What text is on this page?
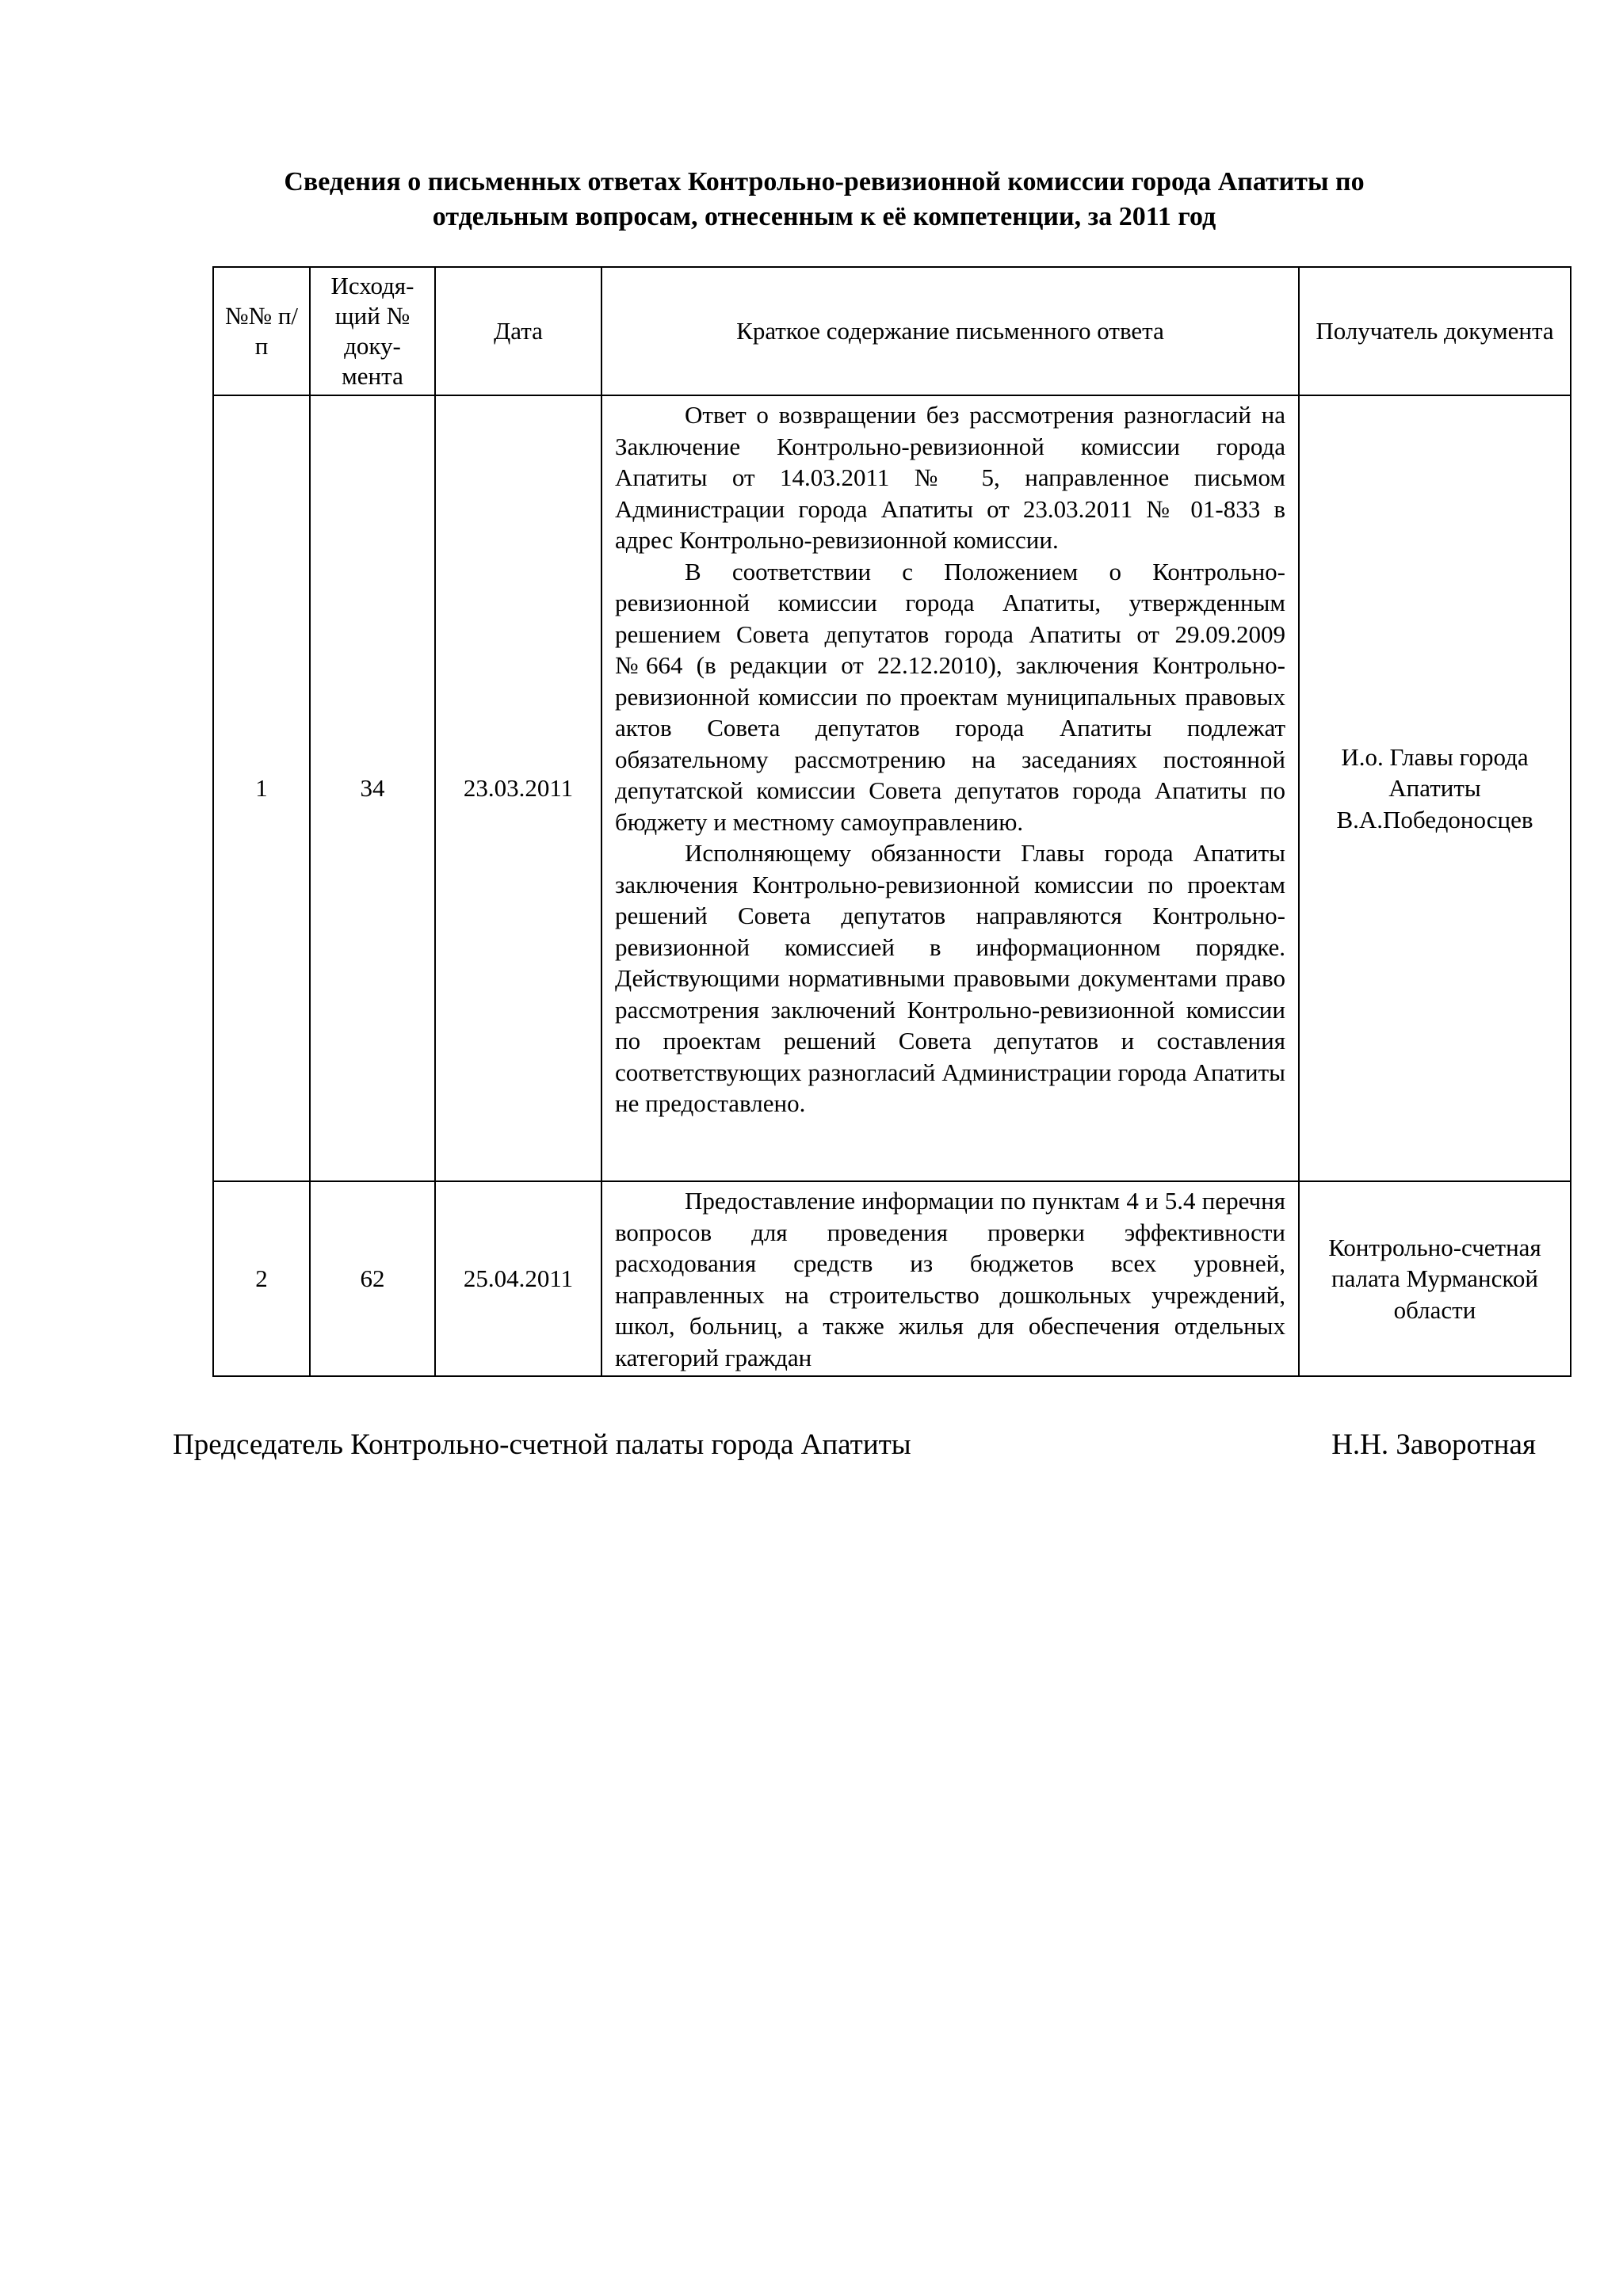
Сведения о письменных ответах Контрольно-ревизионной комиссии города Апатиты по
отдельным вопросам, отнесенным к её компетенции, за 2011 год
№№ п/п	Исходя-щий № доку-мента	Дата	Краткое содержание письменного ответа	Получатель документа
1	34	23.03.2011	Ответ о возвращении без рассмотрения разногласий на Заключение Контрольно-ревизионной комиссии города Апатиты от 14.03.2011 № 5, направленное письмом Администрации города Апатиты от 23.03.2011 № 01-833 в адрес Контрольно-ревизионной комиссии.

В соответствии с Положением о Контрольно-ревизионной комиссии города Апатиты, утвержденным решением Совета депутатов города Апатиты от 29.09.2009 №664 (в редакции от 22.12.2010), заключения Контрольно-ревизионной комиссии по проектам муниципальных правовых актов Совета депутатов города Апатиты подлежат обязательному рассмотрению на заседаниях постоянной депутатской комиссии Совета депутатов города Апатиты по бюджету и местному самоуправлению.

Исполняющему обязанности Главы города Апатиты заключения Контрольно-ревизионной комиссии по проектам решений Совета депутатов направляются Контрольно-ревизионной комиссией в информационном порядке. Действующими нормативными правовыми документами право рассмотрения заключений Контрольно-ревизионной комиссии по проектам решений Совета депутатов и составления соответствующих разногласий Администрации города Апатиты не предоставлено.	И.о. Главы города Апатиты В.А.Победоносцев
2	62	25.04.2011	Предоставление информации по пунктам 4 и 5.4 перечня вопросов для проведения проверки эффективности расходования средств из бюджетов всех уровней, направленных на строительство дошкольных учреждений, школ, больниц, а также жилья для обеспечения отдельных категорий граждан	Контрольно-счетная палата Мурманской области
Председатель Контрольно-счетной палаты города Апатиты	Н.Н. Заворотная
